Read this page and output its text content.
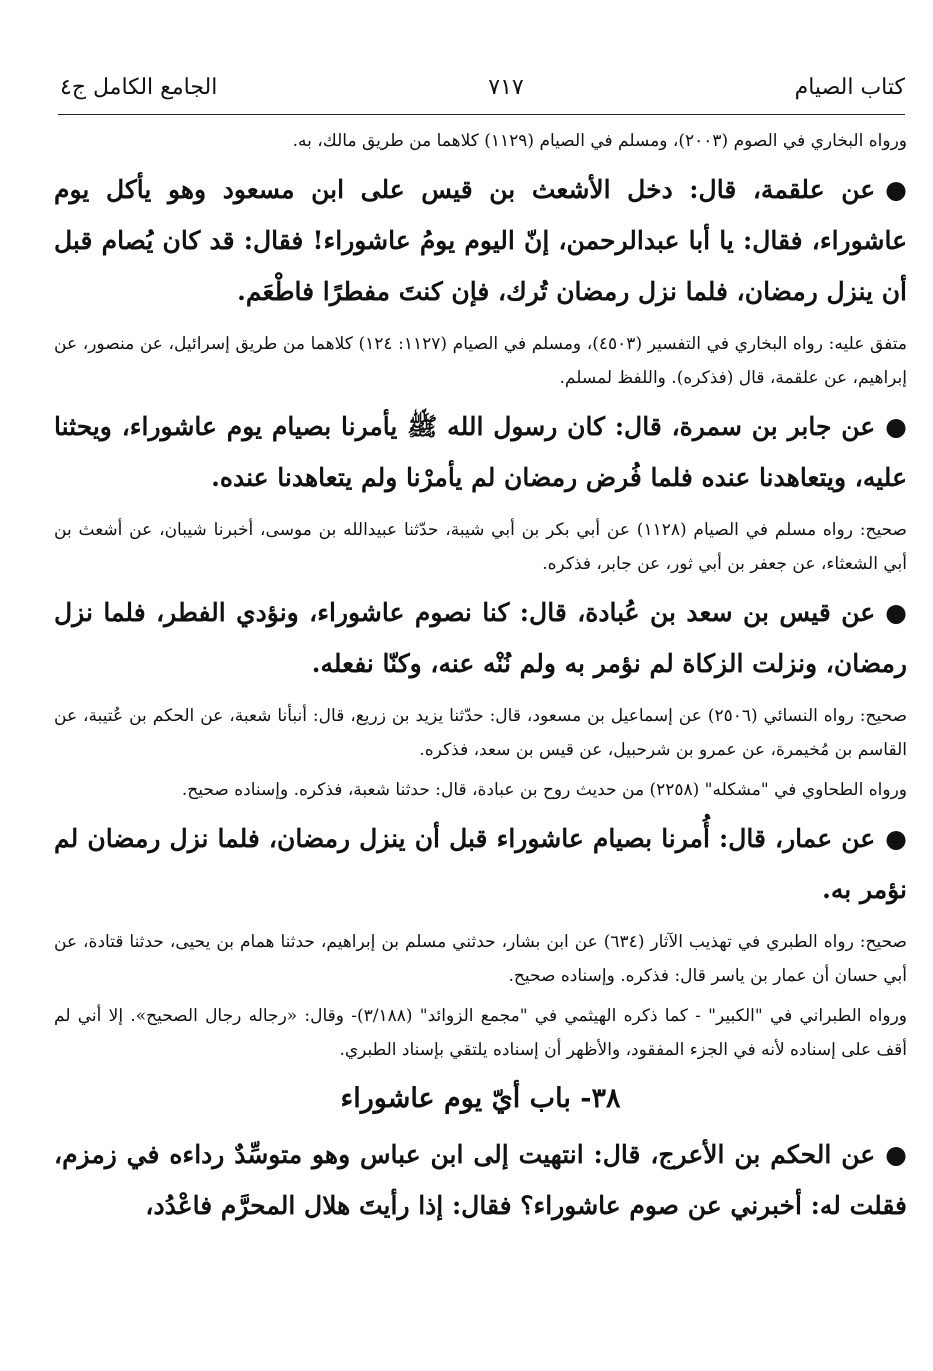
كتاب الصيام
٧١٧
الجامع الكامل ج٤

ورواه البخاري في الصوم (٢٠٠٣)، ومسلم في الصيام (١١٢٩) كلاهما من طريق مالك، به.

●عن علقمة، قال: دخل الأشعث بن قيس على ابن مسعود وهو يأكل يوم عاشوراء، فقال: يا أبا عبدالرحمن، إنّ اليوم يومُ عاشوراء! فقال: قد كان يُصام قبل أن ينزل رمضان، فلما نزل رمضان تُرك، فإن كنتَ مفطرًا فاطْعَم.

متفق عليه: رواه البخاري في التفسير (٤٥٠٣)، ومسلم في الصيام (١١٢٧: ١٢٤) كلاهما من طريق إسرائيل، عن منصور، عن إبراهيم، عن علقمة، قال (فذكره). واللفظ لمسلم.

●عن جابر بن سمرة، قال: كان رسول الله ﷺ يأمرنا بصيام يوم عاشوراء، ويحثنا عليه، ويتعاهدنا عنده فلما فُرض رمضان لم يأمرْنا ولم يتعاهدنا عنده.

صحيح: رواه مسلم في الصيام (١١٢٨) عن أبي بكر بن أبي شيبة، حدّثنا عبيدالله بن موسى، أخبرنا شيبان، عن أشعث بن أبي الشعثاء، عن جعفر بن أبي ثور، عن جابر، فذكره.

●عن قيس بن سعد بن عُبادة، قال: كنا نصوم عاشوراء، ونؤدي الفطر، فلما نزل رمضان، ونزلت الزكاة لم نؤمر به ولم نُنْه عنه، وكنّا نفعله.

صحيح: رواه النسائي (٢٥٠٦) عن إسماعيل بن مسعود، قال: حدّثنا يزيد بن زريع، قال: أنبأنا شعبة، عن الحكم بن عُتيبة، عن القاسم بن مُخيمرة، عن عمرو بن شرحبيل، عن قيس بن سعد، فذكره.

ورواه الطحاوي في "مشكله" (٢٢٥٨) من حديث روح بن عبادة، قال: حدثنا شعبة، فذكره. وإسناده صحيح.

●عن عمار، قال: أُمرنا بصيام عاشوراء قبل أن ينزل رمضان، فلما نزل رمضان لم نؤمر به.

صحيح: رواه الطبري في تهذيب الآثار (٦٣٤) عن ابن بشار، حدثني مسلم بن إبراهيم، حدثنا همام بن يحيى، حدثنا قتادة، عن أبي حسان أن عمار بن ياسر قال: فذكره. وإسناده صحيح.

ورواه الطبراني في "الكبير" - كما ذكره الهيثمي في "مجمع الزوائد" (٣/١٨٨)- وقال: «رجاله رجال الصحيح». إلا أني لم أقف على إسناده لأنه في الجزء المفقود، والأظهر أن إسناده يلتقي بإسناد الطبري.

٣٨- باب أيّ يوم عاشوراء

●عن الحكم بن الأعرج، قال: انتهيت إلى ابن عباس وهو متوسِّدٌ رداءه في زمزم، فقلت له: أخبرني عن صوم عاشوراء؟ فقال: إذا رأيتَ هلال المحرَّم فاعْدُد،
